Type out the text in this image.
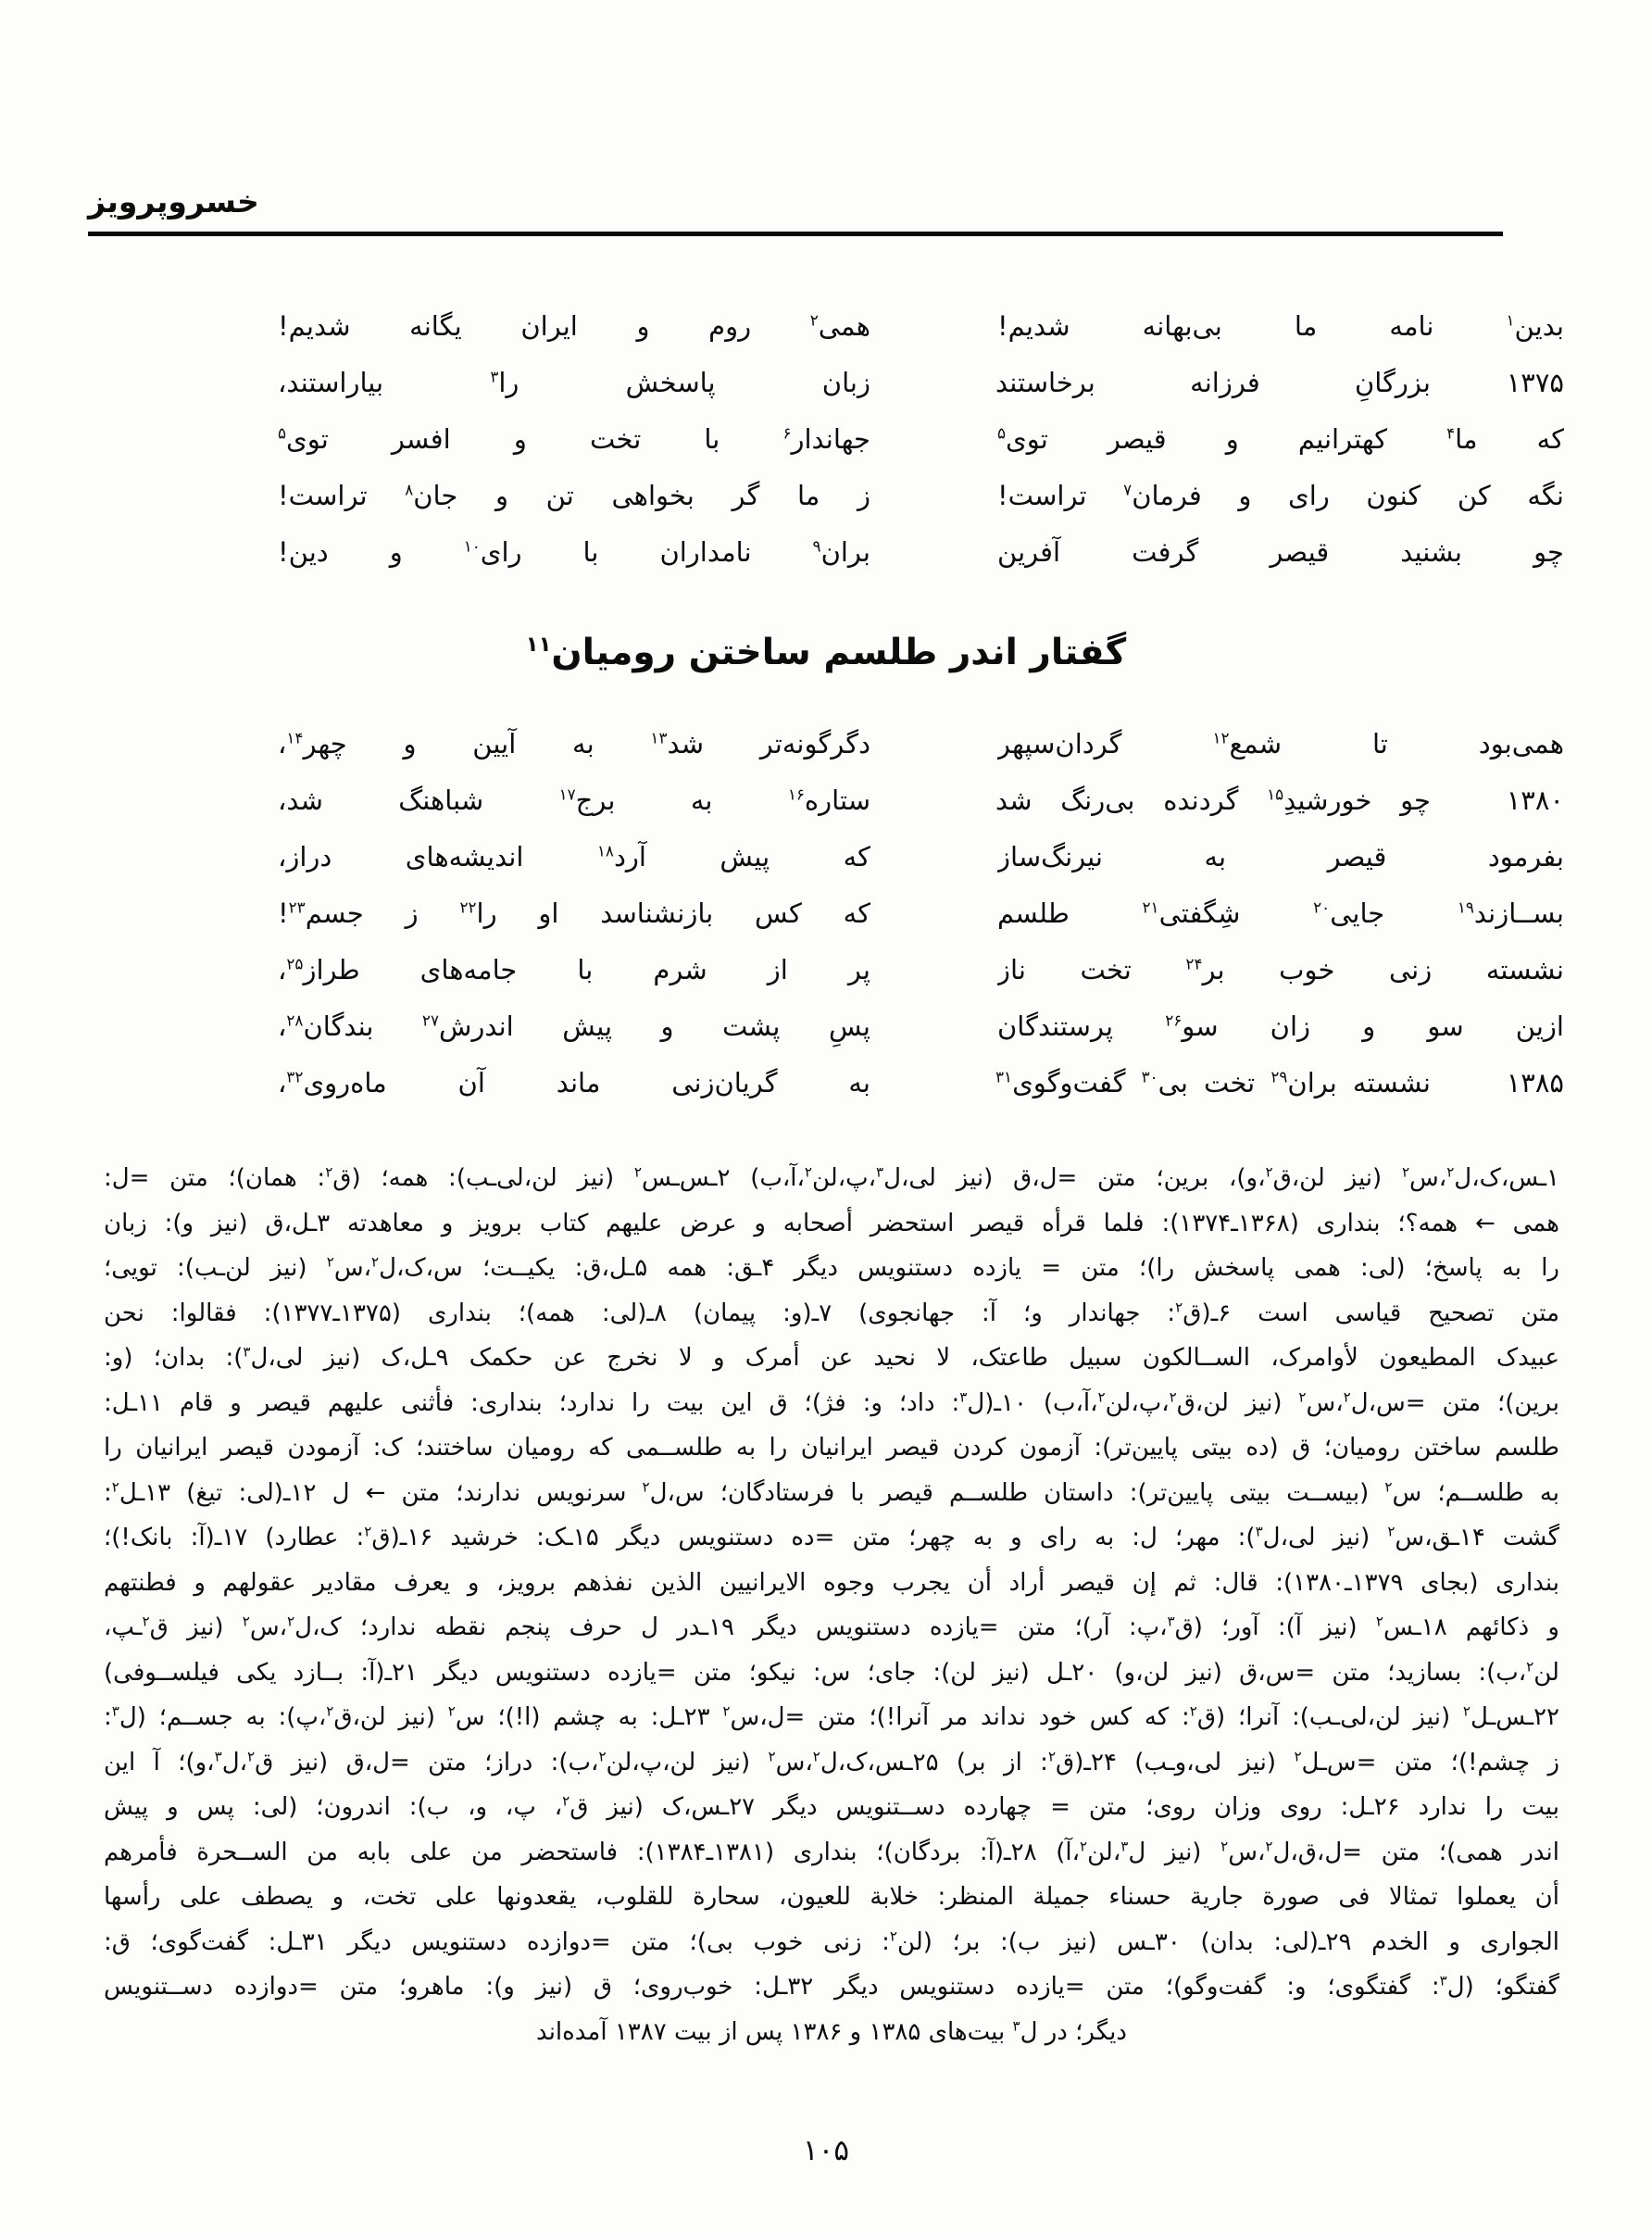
خسروپرویز
بدین$^۱$ نامه ما بی‌بهانه شدیم!
همی$^۲$ روم و ایران یگانه شدیم!
۱۳۷۵
بزرگانِ فرزانه برخاستند
زبان پاسخش را$^۳$ بیاراستند،
که ما$^۴$ کهترانیم و قیصر توی$^۵$
جهاندار$^۶$ با تخت و افسر توی$^۵$
نگه کن کنون رای و فرمان$^۷$ تراست!
ز ما گر بخواهی تن و جان$^۸$ تراست!
چو بشنید قیصر گرفت آفرین
بران$^۹$ نامداران با رای$^{۱۰}$ و دین!
گفتار اندر طلسم ساختن رومیان$^{۱۱}$
همی‌بود تا شمع$^{۱۲}$ گردان‌سپهر
دگرگونه‌تر شد$^{۱۳}$ به آیین و چهر$^{۱۴}$،
۱۳۸۰
چو خورشیدِ$^{۱۵}$ گردنده بی‌رنگ شد
ستاره$^{۱۶}$ به برج$^{۱۷}$ شباهنگ شد،
بفرمود قیصر به نیرنگ‌ساز
که پیش آرد$^{۱۸}$ اندیشه‌های دراز،
بســازند$^{۱۹}$ جایی$^{۲۰}$ شِگفتی$^{۲۱}$ طلسم
که کس بازنشناسد او را$^{۲۲}$ ز جسم$^{۲۳}$!
نشسته زنی خوب بر$^{۲۴}$ تخت ناز
پر از شرم با جامه‌های طراز$^{۲۵}$،
ازین سو و زان سو$^{۲۶}$ پرستندگان
پسِ پشت و پیش اندرش$^{۲۷}$ بندگان$^{۲۸}$،
۱۳۸۵
نشسته بران$^{۲۹}$ تخت بی$^{۳۰}$ گفت‌وگوی$^{۳۱}$
به گریان‌زنی ماند آن ماه‌روی$^{۳۲}$،
۱ـس،ک،ل$^۲$،س$^۲$ (نیز لن،ق$^۲$،و)، برین؛ متن =ل،ق (نیز لی،ل$^۳$،پ،لن$^۲$،آ،ب) ۲ـس‌ـس$^۲$ (نیز لن،لی‌ـب): همه؛ (ق$^۲$: همان)؛ متن =ل:
همی ← همه؟؛ بنداری (۱۳۶۸ـ۱۳۷۴): فلما قرأه قیصر استحضر أصحابه و عرض علیهم کتاب برویز و معاهدته ۳ـل،ق (نیز و): زبان
را به پاسخ؛ (لی: همی پاسخش را)؛ متن = یازده دستنویس دیگر ۴ـق: همه ۵ـل،ق: یکیــت؛ س،ک،ل$^۲$،س$^۲$ (نیز لن‌ـب): تویی؛
متن تصحیح قیاسی است ۶ـ(ق$^۲$: جهاندار و؛ آ: جهانجوی) ۷ـ(و: پیمان) ۸ـ(لی: همه)؛ بنداری (۱۳۷۵ـ۱۳۷۷): فقالوا: نحن
عبیدک المطیعون لأوامرک، الســالکون سبیل طاعتک، لا نحید عن أمرک و لا نخرج عن حکمک ۹ـل،ک (نیز لی،ل$^۳$): بدان؛ (و:
برین)؛ متن =س،ل$^۲$،س$^۲$ (نیز لن،ق$^۲$،پ،لن$^۲$،آ،ب) ۱۰ـ(ل$^۳$: داد؛ و: فژ)؛ ق این بیت را ندارد؛ بنداری: فأثنی علیهم قیصر و قام ۱۱ـل:
طلسم ساختن رومیان؛ ق (ده بیتی پایین‌تر): آزمون کردن قیصر ایرانیان را به طلســمی که رومیان ساختند؛ ک: آزمودن قیصر ایرانیان را
به طلســم؛ س$^۲$ (بیســت بیتی پایین‌تر): داستان طلســم قیصر با فرستادگان؛ س،ل$^۲$ سرنویس ندارند؛ متن ← ل ۱۲ـ(لی: تیغ) ۱۳ـل$^۲$:
گشت ۱۴ـق،س$^۲$ (نیز لی،ل$^۳$): مهر؛ ل: به رای و به چهر؛ متن =ده دستنویس دیگر ۱۵ـک: خرشید ۱۶ـ(ق$^۲$: عطارد) ۱۷ـ(آ: بانک!)؛
بنداری (بجای ۱۳۷۹ـ۱۳۸۰): قال: ثم إن قیصر أراد أن یجرب وجوه الایرانیین الذین نفذهم برویز، و یعرف مقادیر عقولهم و فطنتهم
و ذکائهم ۱۸ـس$^۲$ (نیز آ): آور؛ (ق$^۳$،پ: آر)؛ متن =یازده دستنویس دیگر ۱۹ـدر ل حرف پنجم نقطه ندارد؛ ک،ل$^۲$،س$^۲$ (نیز ق$^۲$ـپ،
لن$^۲$،ب): بسازید؛ متن =س،ق (نیز لن،و) ۲۰ـل (نیز لن): جای؛ س: نیکو؛ متن =یازده دستنویس دیگر ۲۱ـ(آ: بــازد یکی فیلســوفی)
۲۲ـس‌ـل$^۲$ (نیز لن،لی‌ـب): آنرا؛ (ق$^۲$: که کس خود نداند مر آنرا!)؛ متن =ل،س$^۲$ ۲۳ـل: به چشم (ا!)؛ س$^۲$ (نیز لن،ق$^۲$،پ): به جســم؛ (ل$^۳$:
ز چشم!)؛ متن =س‌ـل$^۲$ (نیز لی،و‌ـب) ۲۴ـ(ق$^۲$: از بر) ۲۵ـس،ک،ل$^۲$،س$^۲$ (نیز لن،پ،لن$^۲$،ب): دراز؛ متن =ل،ق (نیز ق$^۲$،ل$^۳$،و)؛ آ این
بیت را ندارد ۲۶ـل: روی وزان روی؛ متن = چهارده دســتنویس دیگر ۲۷ـس،ک (نیز ق$^۲$، پ، و، ب): اندرون؛ (لی: پس و پیش
اندر همی)؛ متن =ل،ق،ل$^۲$،س$^۲$ (نیز ل$^۳$،لن$^۲$،آ) ۲۸ـ(آ: بردگان)؛ بنداری (۱۳۸۱ـ۱۳۸۴): فاستحضر من علی بابه من الســحرة فأمرهم
أن یعملوا تمثالا فی صورة جاریة حسناء جمیلة المنظر: خلابة للعیون، سحارة للقلوب، یقعدونها علی تخت، و یصطف علی رأسها
الجواری و الخدم ۲۹ـ(لی: بدان) ۳۰ـس (نیز ب): بر؛ (لن$^۲$: زنی خوب بی)؛ متن =دوازده دستنویس دیگر ۳۱ـل: گفت‌گوی؛ ق:
گفتگو؛ (ل$^۳$: گفتگوی؛ و: گفت‌وگو)؛ متن =یازده دستنویس دیگر ۳۲ـل: خوب‌روی؛ ق (نیز و): ماهرو؛ متن =دوازده دســتنویس
دیگر؛ در ل$^۳$ بیت‌های ۱۳۸۵ و ۱۳۸۶ پس از بیت ۱۳۸۷ آمده‌اند
۱۰۵
